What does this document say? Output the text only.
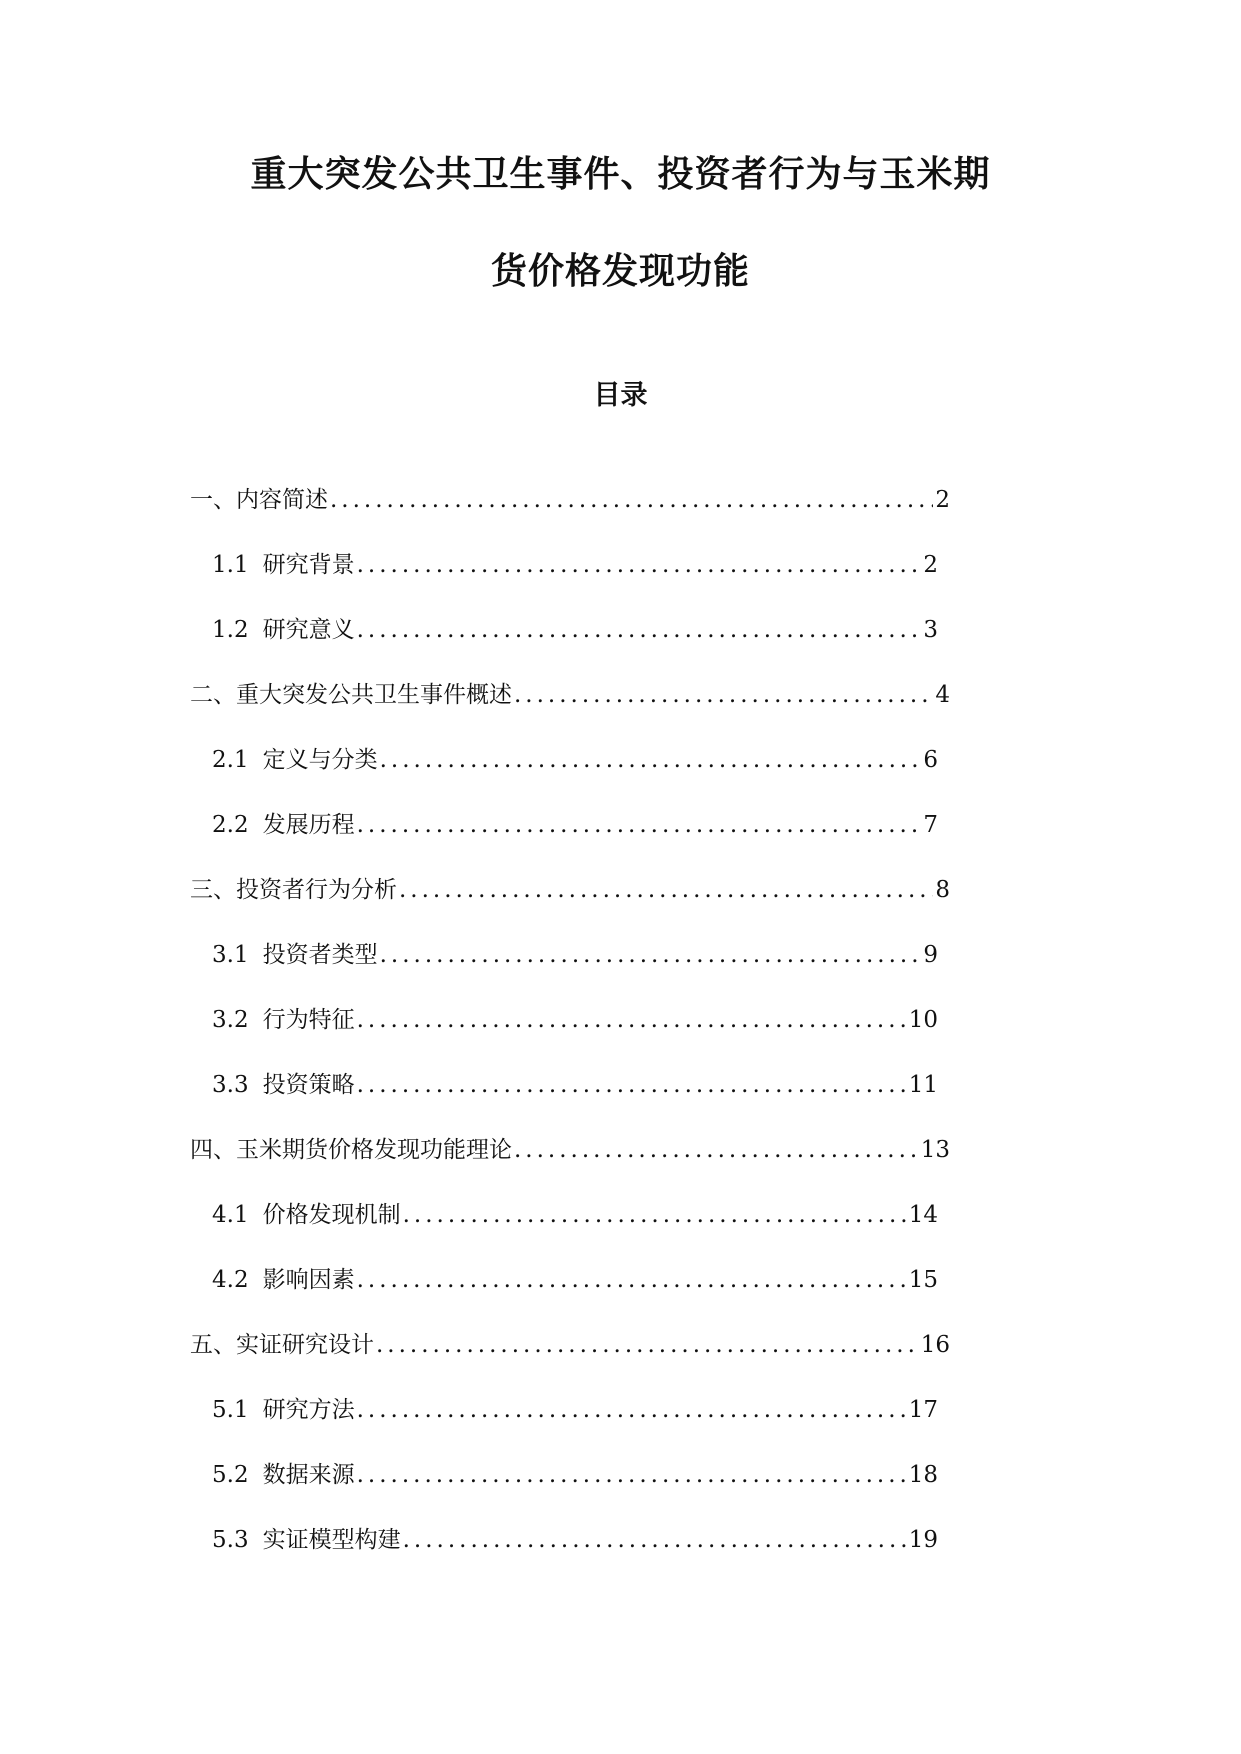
重大突发公共卫生事件、投资者行为与玉米期
货价格发现功能
目录
一、 内容简述 .....	2
1.1 研究背景 .....	2
1.2 研究意义 .....	3
二、 重大突发公共卫生事件概述 .....	4
2.1 定义与分类 .....	6
2.2 发展历程 .....	7
三、 投资者行为分析 .....	8
3.1 投资者类型 .....	9
3.2 行为特征 .....	10
3.3 投资策略 .....	11
四、 玉米期货价格发现功能理论 .....	13
4.1 价格发现机制 .....	14
4.2 影响因素 .....	15
五、 实证研究设计 .....	16
5.1 研究方法 .....	17
5.2 数据来源 .....	18
5.3 实证模型构建 .....	19
